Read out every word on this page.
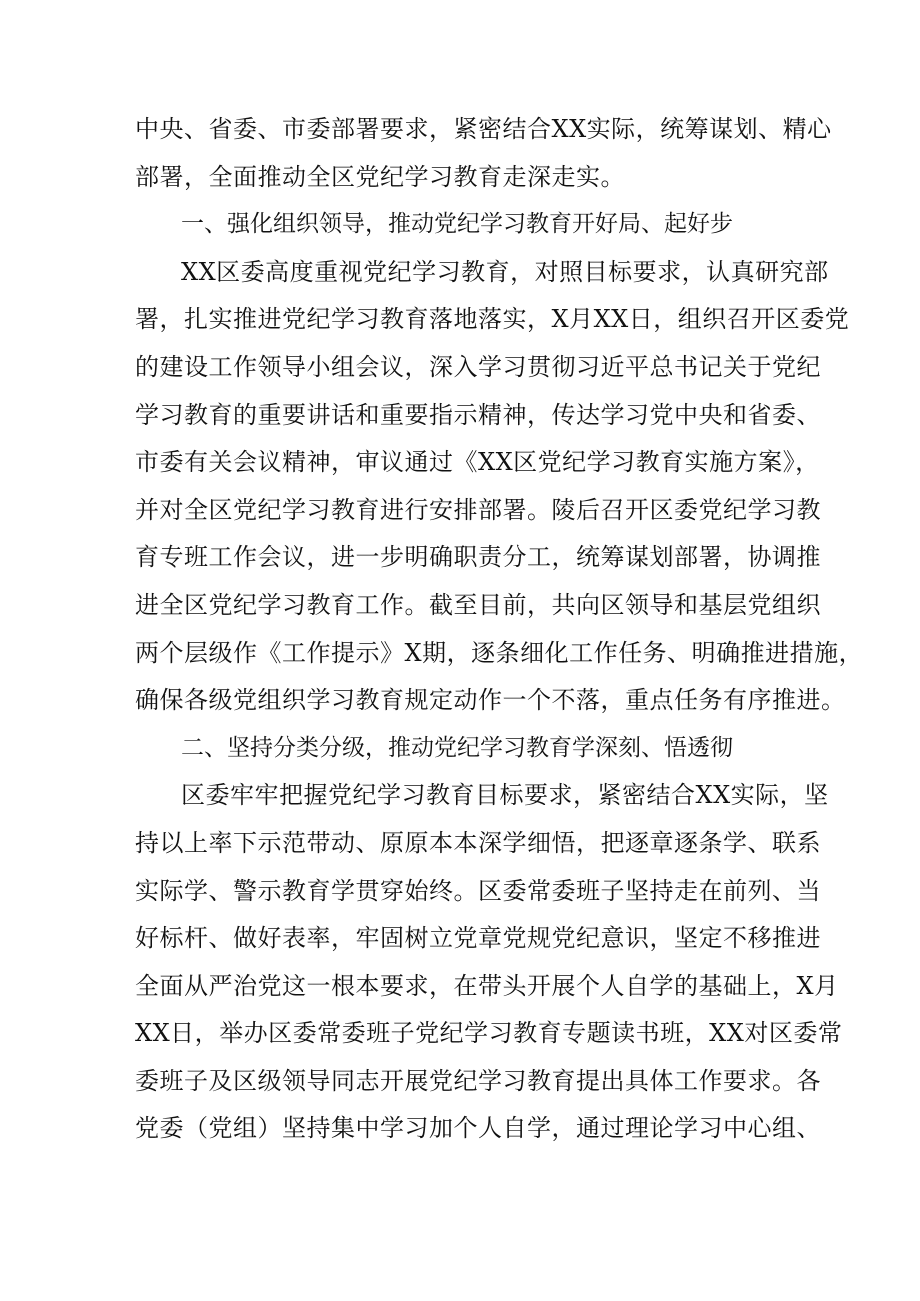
中央、省委、市委部署要求，紧密结合XX实际，统筹谋划、精心
部署，全面推动全区党纪学习教育走深走实。
一、强化组织领导，推动党纪学习教育开好局、起好步
XX区委高度重视党纪学习教育，对照目标要求，认真研究部
署，扎实推进党纪学习教育落地落实，X月XX日，组织召开区委党
的建设工作领导小组会议，深入学习贯彻习近平总书记关于党纪
学习教育的重要讲话和重要指示精神，传达学习党中央和省委、
市委有关会议精神，审议通过《XX区党纪学习教育实施方案》，
并对全区党纪学习教育进行安排部署。陵后召开区委党纪学习教
育专班工作会议，进一步明确职责分工，统筹谋划部署，协调推
进全区党纪学习教育工作。截至目前，共向区领导和基层党组织
两个层级作《工作提示》X期，逐条细化工作任务、明确推进措施，
确保各级党组织学习教育规定动作一个不落，重点任务有序推进。
二、坚持分类分级，推动党纪学习教育学深刻、悟透彻
区委牢牢把握党纪学习教育目标要求，紧密结合XX实际，坚
持以上率下示范带动、原原本本深学细悟，把逐章逐条学、联系
实际学、警示教育学贯穿始终。区委常委班子坚持走在前列、当
好标杆、做好表率，牢固树立党章党规党纪意识，坚定不移推进
全面从严治党这一根本要求，在带头开展个人自学的基础上，X月
XX日，举办区委常委班子党纪学习教育专题读书班，XX对区委常
委班子及区级领导同志开展党纪学习教育提出具体工作要求。各
党委（党组）坚持集中学习加个人自学，通过理论学习中心组、
